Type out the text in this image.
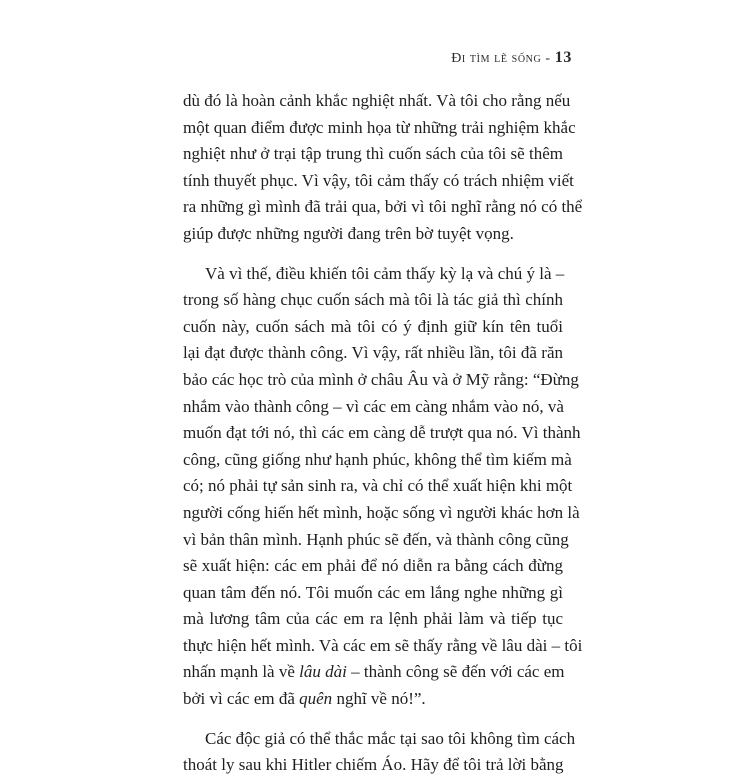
Đi tìm lẽ sống - 13

dù đó là hoàn cảnh khắc nghiệt nhất. Và tôi cho rằng nếu
một quan điểm được minh họa từ những trải nghiệm khắc
nghiệt như ở trại tập trung thì cuốn sách của tôi sẽ thêm
tính thuyết phục. Vì vậy, tôi cảm thấy có trách nhiệm viết
ra những gì mình đã trải qua, bởi vì tôi nghĩ rằng nó có thể
giúp được những người đang trên bờ tuyệt vọng.

Và vì thế, điều khiến tôi cảm thấy kỳ lạ và chú ý là –
trong số hàng chục cuốn sách mà tôi là tác giả thì chính
cuốn này, cuốn sách mà tôi có ý định giữ kín tên tuổi
lại đạt được thành công. Vì vậy, rất nhiều lần, tôi đã răn
bảo các học trò của mình ở châu Âu và ở Mỹ rằng: “Đừng
nhắm vào thành công – vì các em càng nhắm vào nó, và
muốn đạt tới nó, thì các em càng dễ trượt qua nó. Vì thành
công, cũng giống như hạnh phúc, không thể tìm kiếm mà
có; nó phải tự sản sinh ra, và chỉ có thể xuất hiện khi một
người cống hiến hết mình, hoặc sống vì người khác hơn là
vì bản thân mình. Hạnh phúc sẽ đến, và thành công cũng
sẽ xuất hiện: các em phải để nó diễn ra bằng cách đừng
quan tâm đến nó. Tôi muốn các em lắng nghe những gì
mà lương tâm của các em ra lệnh phải làm và tiếp tục
thực hiện hết mình. Và các em sẽ thấy rằng về lâu dài – tôi
nhấn mạnh là về lâu dài – thành công sẽ đến với các em
bởi vì các em đã quên nghĩ về nó!”.

Các độc giả có thể thắc mắc tại sao tôi không tìm cách
thoát ly sau khi Hitler chiếm Áo. Hãy để tôi trả lời bằng
